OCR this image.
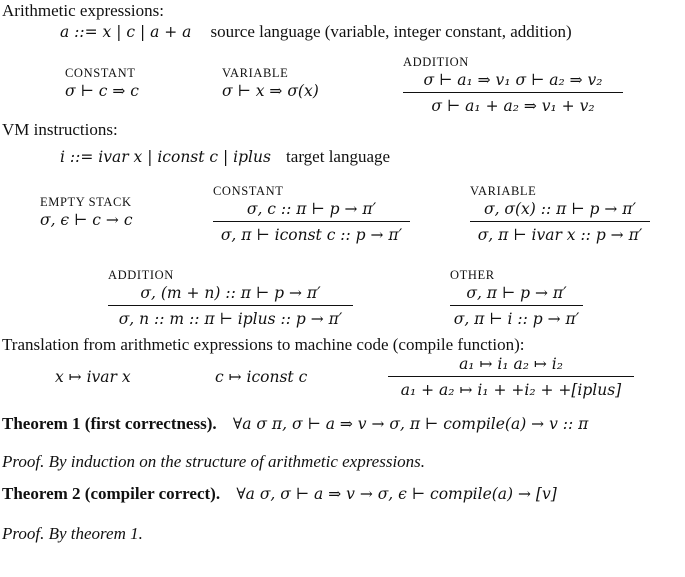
Arithmetic expressions:
a ::= x | c | a + a source language (variable, integer constant, addition)
CONSTANT
σ ⊢ c ⇒ c
VARIABLE
σ ⊢ x ⇒ σ(x)
ADDITION
σ ⊢ a₁ ⇒ v₁ σ ⊢ a₂ ⇒ v₂
σ ⊢ a₁ + a₂ ⇒ v₁ + v₂
VM instructions:
i ::= ivar x | iconst c | iplus target language
EMPTY STACK
σ, ϵ ⊢ c → c
CONSTANT
σ, c :: π ⊢ p → π′
σ, π ⊢ iconst c :: p → π′
VARIABLE
σ, σ(x) :: π ⊢ p → π′
σ, π ⊢ ivar x :: p → π′
ADDITION
σ, (m + n) :: π ⊢ p → π′
σ, n :: m :: π ⊢ iplus :: p → π′
OTHER
σ, π ⊢ p → π′
σ, π ⊢ i :: p → π′
Translation from arithmetic expressions to machine code (compile function):
x ↦ ivar x	c ↦ iconst c
a₁ ↦ i₁ a₂ ↦ i₂
a₁ + a₂ ↦ i₁ + +i₂ + +[iplus]
Theorem 1 (first correctness). ∀a σ π, σ ⊢ a ⇒ v → σ, π ⊢ compile(a) → v :: π
Proof. By induction on the structure of arithmetic expressions.
Theorem 2 (compiler correct). ∀a σ, σ ⊢ a ⇒ v → σ, ϵ ⊢ compile(a) → [v]
Proof. By theorem 1.
